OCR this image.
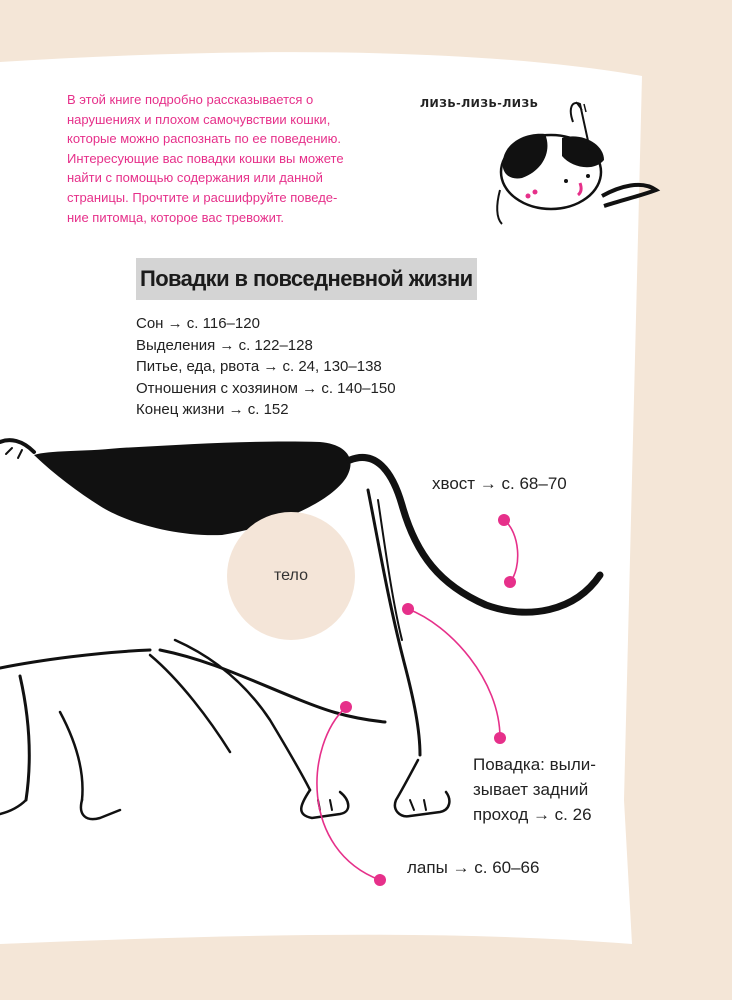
В этой книге подробно рассказывается о
нарушениях и плохом самочувствии кошки,
которые можно распознать по ее поведению.
Интересующие вас повадки кошки вы можете
найти с помощью содержания или данной
страницы. Прочтите и расшифруйте поведе-
ние питомца, которое вас тревожит.
ЛИЗЬ-ЛИЗЬ-ЛИЗЬ
Повадки в повседневной жизни
Сон → с. 116–120
Выделения → с. 122–128
Питье, еда, рвота → с. 24, 130–138
Отношения с хозяином → с. 140–150
Конец жизни → с. 152
хвост → с. 68–70
тело
Повадка: выли-
зывает задний
проход → с. 26
лапы → с. 60–66
